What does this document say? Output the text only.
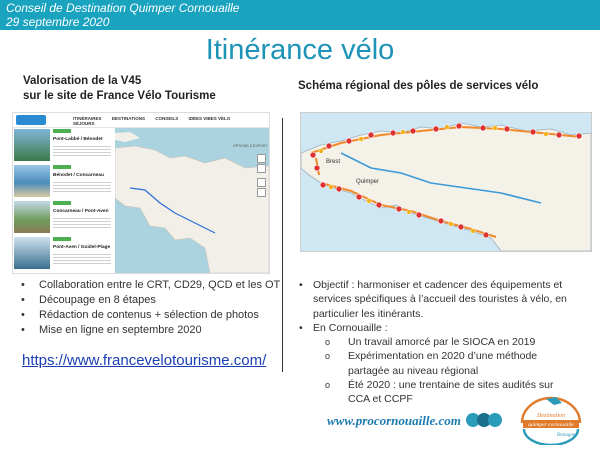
Conseil de Destination Quimper Cornouaille
29 septembre 2020
Itinérance vélo
Valorisation de la V45
sur le site de France Vélo Tourisme
Schéma régional des pôles de services vélo
ITINÉRAIRES DESTINATIONS CONSEILS IDÉES VIBES VÉLO SÉJOURS
Pont-Labbé / Bénodet
Bénodet / Concarneau
Concarneau / Pont-Aven
Pont-Aven / Guidel-Plage
OPTIONS & EXPORT
Brest
Quimper
• Collaboration entre le CRT, CD29, QCD et les OT
• Découpage en 8 étapes
• Rédaction de contenus + sélection de photos
• Mise en ligne en septembre 2020
https://www.francevelotourisme.com/
• Objectif : harmoniser et cadencer des équipements et services spécifiques à l’accueil des touristes à vélo, en particulier les itinérants.
• En Cornouaille :
o Un travail amorcé par le SIOCA en 2019
o Expérimentation en 2020 d’une méthode partagée au niveau régional
o Été 2020 : une trentaine de sites audités sur CCA et CCPF
www.procornouaille.com	Destination
quimper cornouaille
Bretagne
